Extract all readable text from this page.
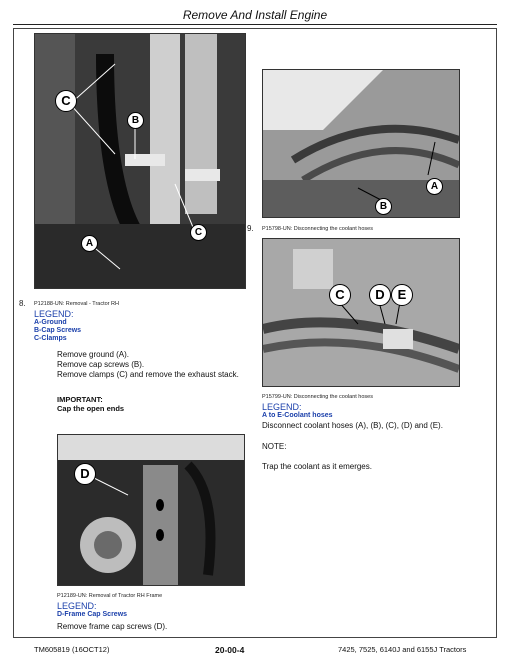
Remove And Install Engine
C
B
C
A
8. P12188-UN: Removal - Tractor RH
LEGEND:
A-Ground
B-Cap Screws
C-Clamps
Remove ground (A).
Remove cap screws (B).
Remove clamps (C) and remove the exhaust stack.
IMPORTANT:
Cap the open ends
D
P12189-UN: Removal of Tractor RH Frame
LEGEND:
D-Frame Cap Screws
Remove frame cap screws (D).
A
B
9. P15798-UN: Disconnecting the coolant hoses
C	D E
P15799-UN: Disconnecting the coolant hoses
LEGEND:
A to E-Coolant hoses
Disconnect coolant hoses (A), (B), (C), (D) and (E).
NOTE:
Trap the coolant as it emerges.
TM605819 (16OCT12)	20-00-4	7425, 7525, 6140J and 6155J Tractors
